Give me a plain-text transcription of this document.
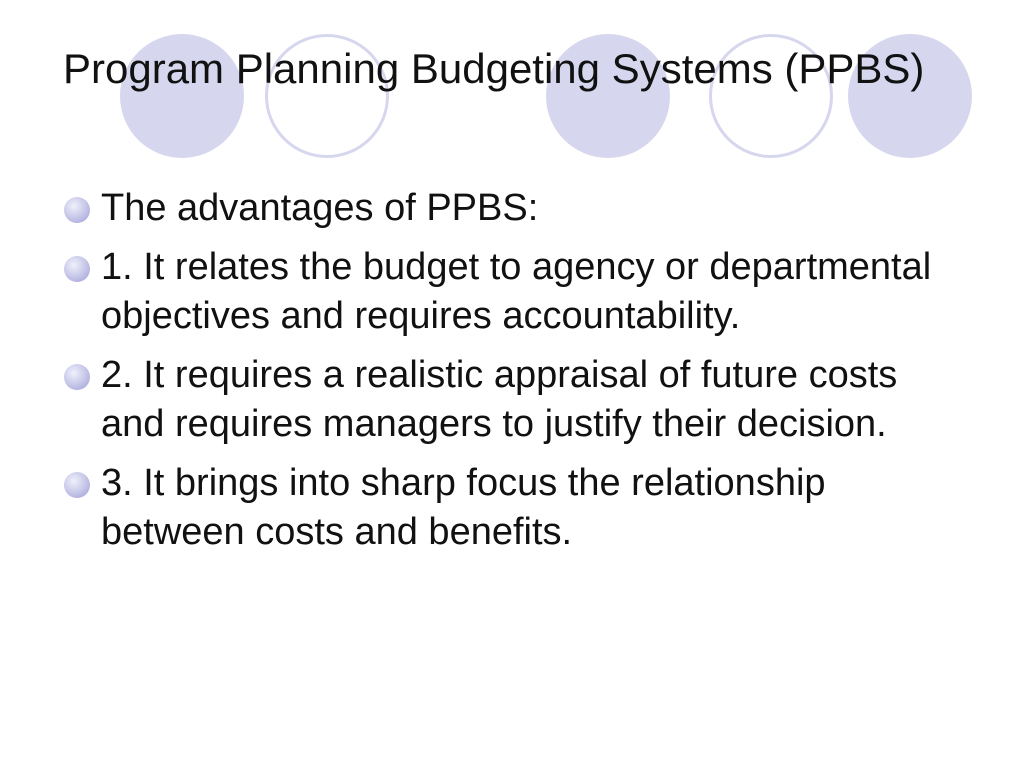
Program Planning Budgeting Systems (PPBS)
The advantages of PPBS:
1. It relates the budget to agency or departmental objectives and requires accountability.
2. It requires a realistic appraisal of future costs and requires managers to justify their decision.
3. It brings into sharp focus the relationship between costs and benefits.
